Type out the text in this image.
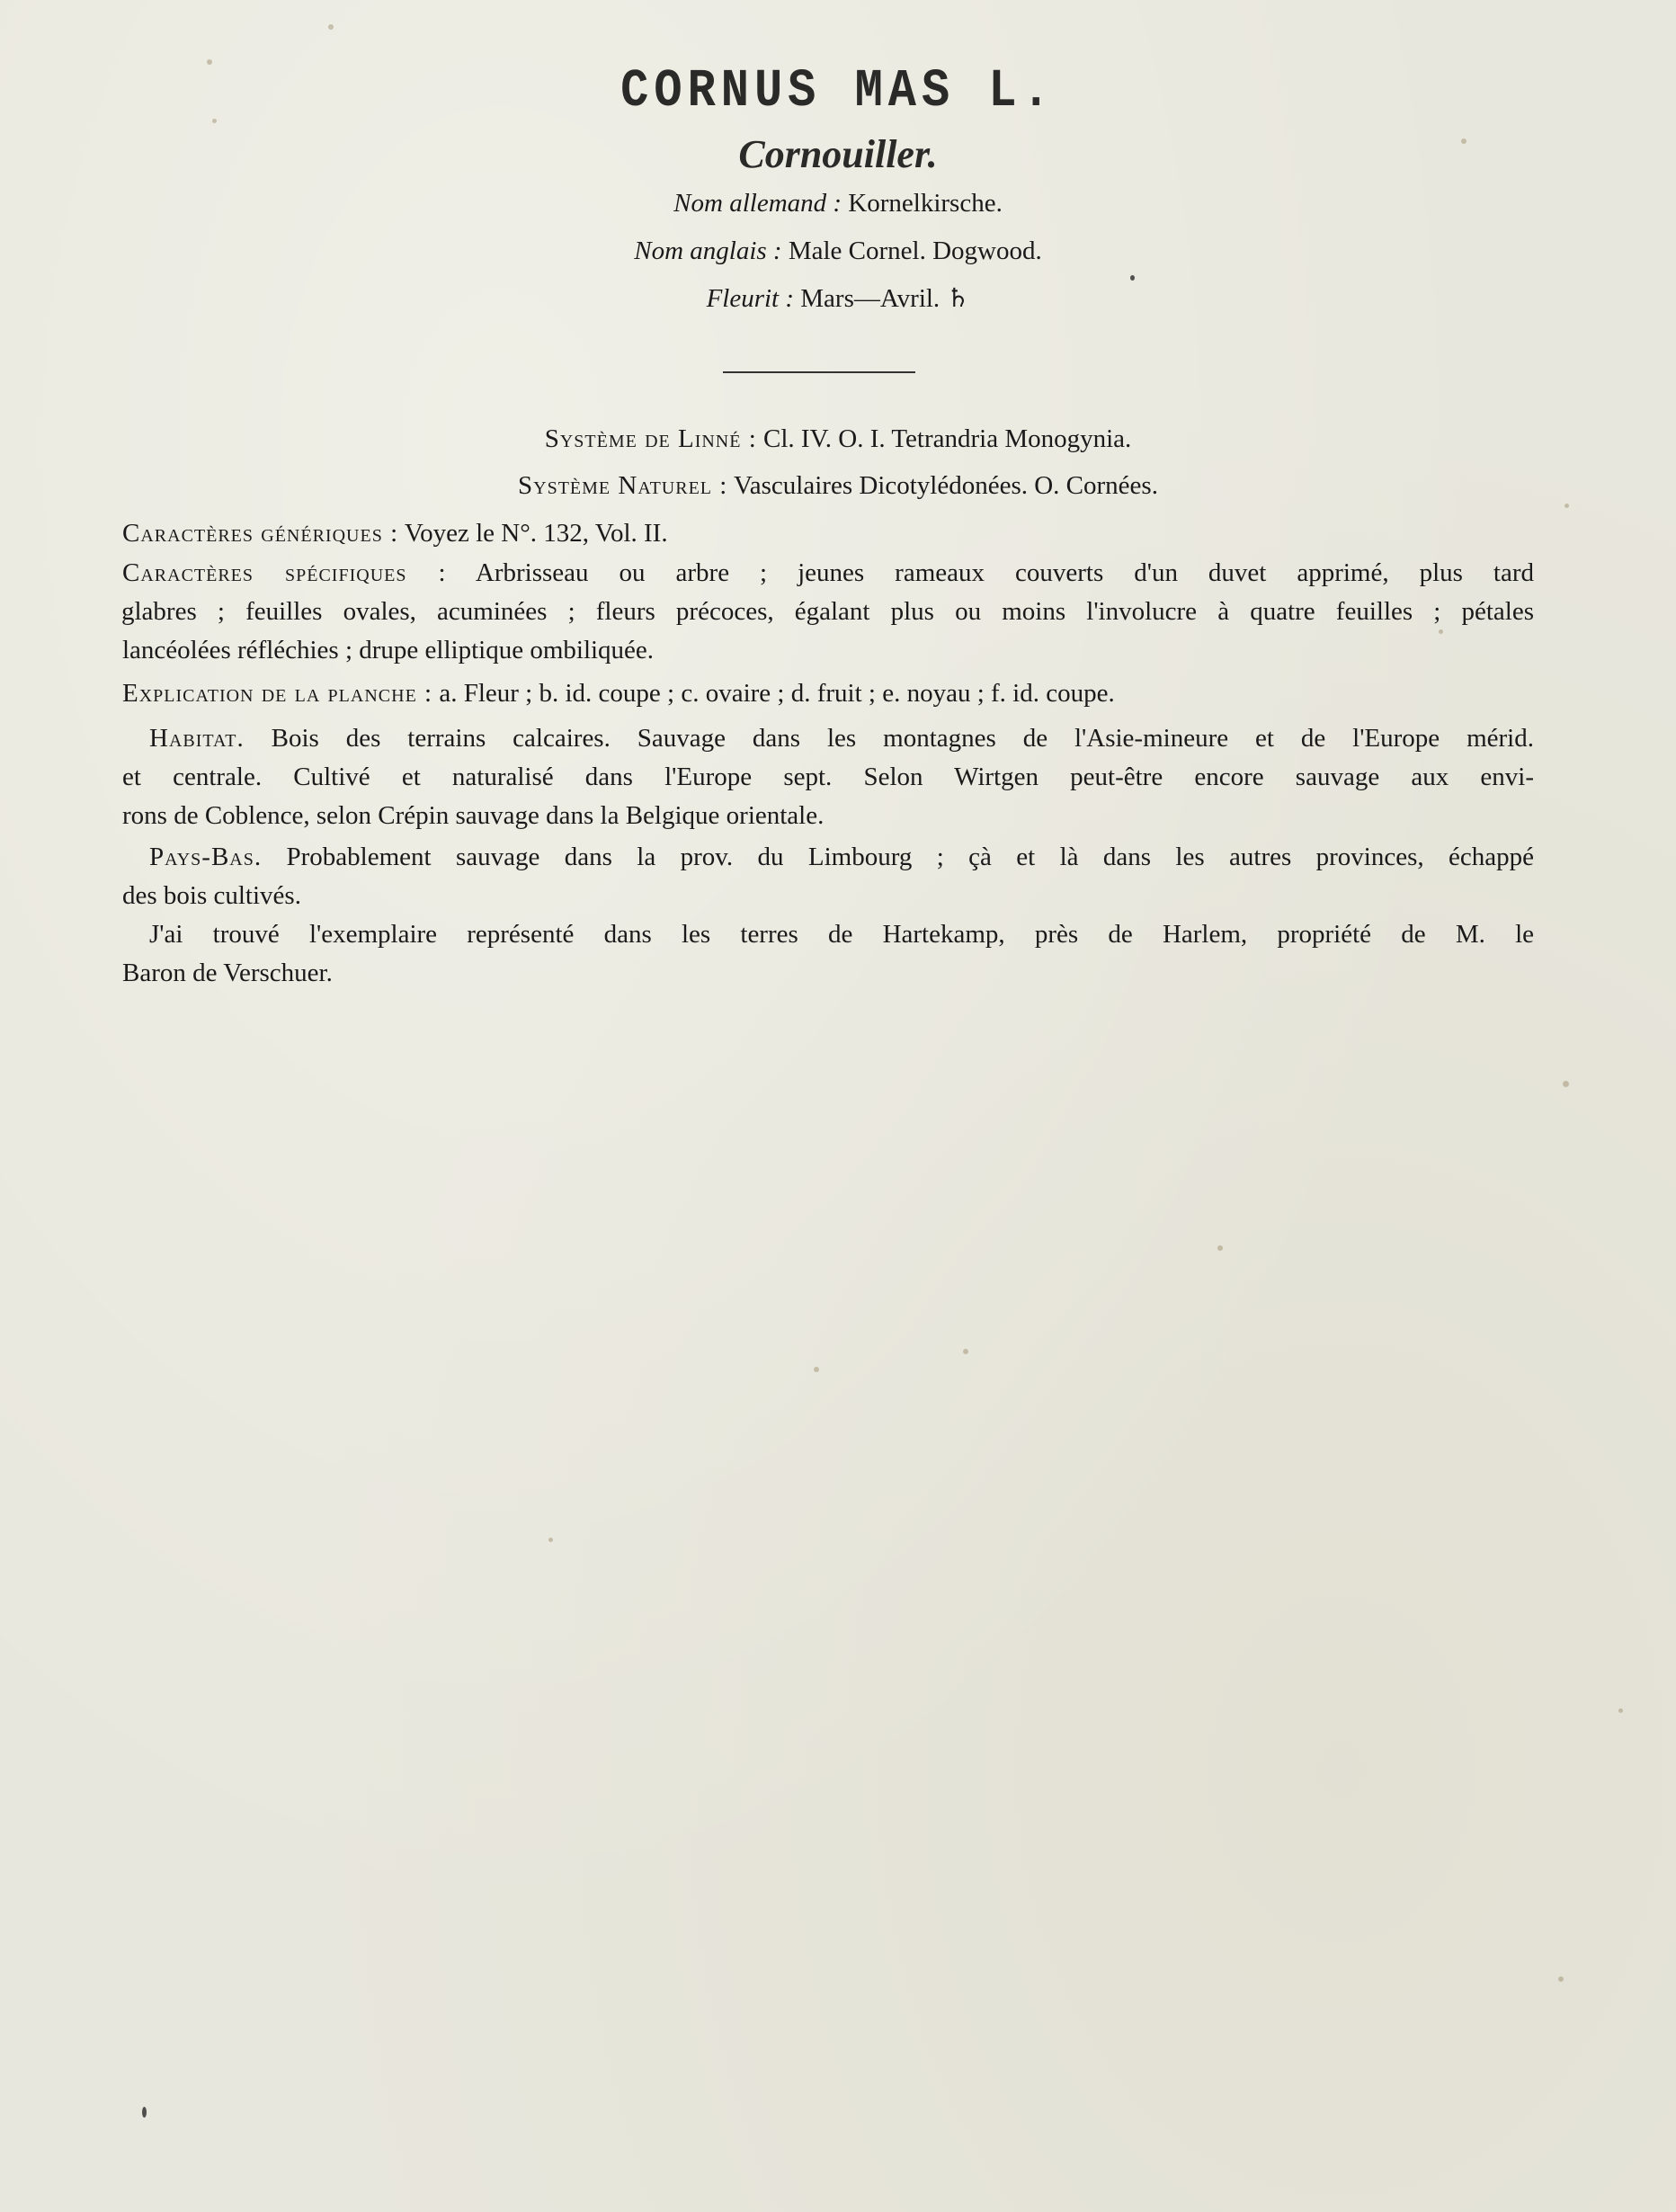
CORNUS MAS L.
Cornouiller.
Nom allemand : Kornelkirsche.
Nom anglais : Male Cornel. Dogwood.
Fleurit : Mars—Avril. ♄
Système de Linné : Cl. IV. O. I. Tetrandria Monogynia.
Système Naturel : Vasculaires Dicotylédonées. O. Cornées.
Caractères génériques : Voyez le N°. 132, Vol. II.
Caractères spécifiques : Arbrisseau ou arbre ; jeunes rameaux couverts d'un duvet apprimé, plus tard
glabres ; feuilles ovales, acuminées ; fleurs précoces, égalant plus ou moins l'involucre à quatre feuilles ; pétales
lancéolées réfléchies ; drupe elliptique ombiliquée.
Explication de la planche : a. Fleur ; b. id. coupe ; c. ovaire ; d. fruit ; e. noyau ; f. id. coupe.
Habitat. Bois des terrains calcaires. Sauvage dans les montagnes de l'Asie-mineure et de l'Europe mérid.
et centrale. Cultivé et naturalisé dans l'Europe sept. Selon Wirtgen peut-être encore sauvage aux envi-
rons de Coblence, selon Crépin sauvage dans la Belgique orientale.
Pays-Bas. Probablement sauvage dans la prov. du Limbourg ; çà et là dans les autres provinces, échappé
des bois cultivés.
J'ai trouvé l'exemplaire représenté dans les terres de Hartekamp, près de Harlem, propriété de M. le
Baron de Verschuer.
